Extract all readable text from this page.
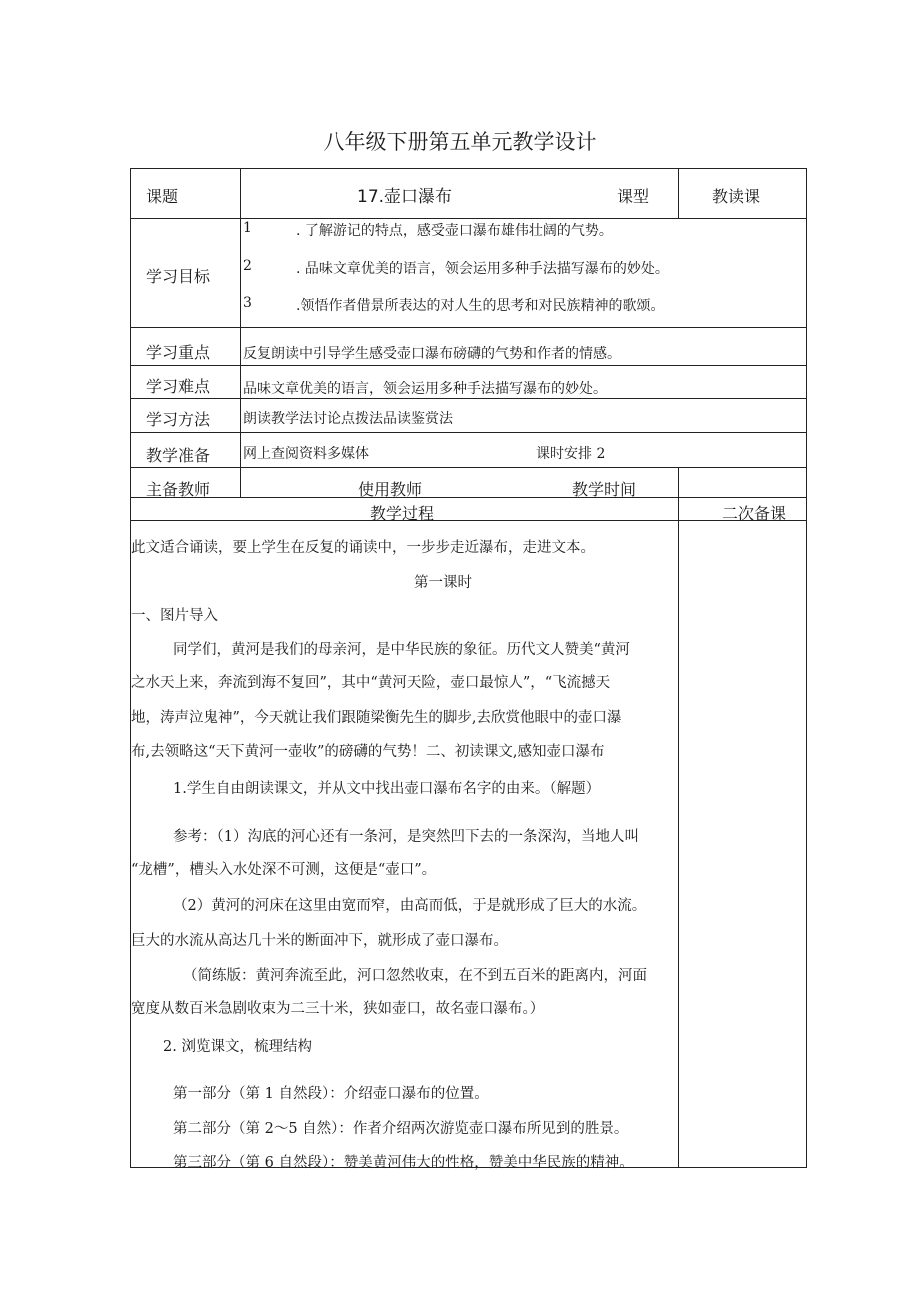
八年级下册第五单元教学设计
课题	17.壶口瀑布	课型	教读课
学习目标
1	. 了解游记的特点，感受壶口瀑布雄伟壮阔的气势。
2	. 品味文章优美的语言，领会运用多种手法描写瀑布的妙处。
3	.领悟作者借景所表达的对人生的思考和对民族精神的歌颂。
学习重点 反复朗读中引导学生感受壶口瀑布磅礴的气势和作者的情感。
学习难点 品味文章优美的语言，领会运用多种手法描写瀑布的妙处。
学习方法 朗读教学法讨论点拨法品读鉴赏法
教学准备 网上查阅资料多媒体	课时安排 2
主备教师	使用教师	教学时间
教学过程	二次备课
此文适合诵读，要上学生在反复的诵读中，一步步走近瀑布，走进文本。
第一课时
一、图片导入
同学们，黄河是我们的母亲河，是中华民族的象征。历代文人赞美“黄河
之水天上来，奔流到海不复回”，其中“黄河天险，壶口最惊人”，“飞流撼天
地，涛声泣鬼神”，今天就让我们跟随梁衡先生的脚步,去欣赏他眼中的壶口瀑
布,去领略这“天下黄河一壶收”的磅礴的气势！二、初读课文,感知壶口瀑布
1.学生自由朗读课文，并从文中找出壶口瀑布名字的由来。（解题）
参考：（1）沟底的河心还有一条河，是突然凹下去的一条深沟，当地人叫
“龙槽”，槽头入水处深不可测，这便是“壶口”。
（2）黄河的河床在这里由宽而窄，由高而低，于是就形成了巨大的水流。
巨大的水流从高达几十米的断面冲下，就形成了壶口瀑布。
（简练版：黄河奔流至此，河口忽然收束，在不到五百米的距离内，河面
宽度从数百米急剧收束为二三十米，狭如壶口，故名壶口瀑布。）
2. 浏览课文，梳理结构
第一部分（第 1 自然段）：介绍壶口瀑布的位置。
第二部分（第 2～5 自然）：作者介绍两次游览壶口瀑布所见到的胜景。
第三部分（第 6 自然段）：赞美黄河伟大的性格，赞美中华民族的精神。
